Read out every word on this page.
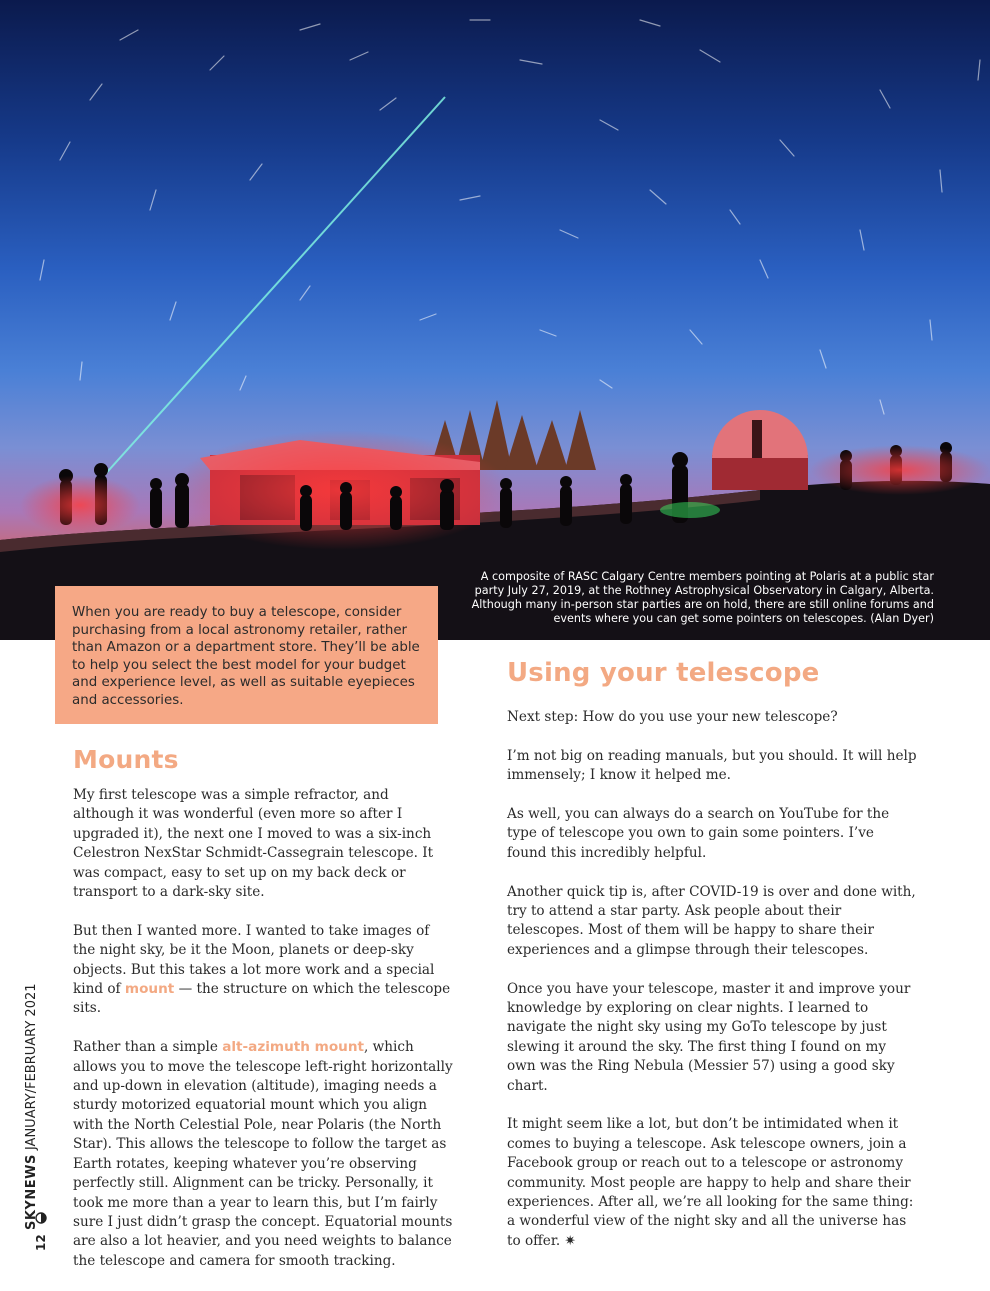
A composite of RASC Calgary Centre members pointing at Polaris at a public star party July 27, 2019, at the Rothney Astrophysical Observatory in Calgary, Alberta. Although many in-person star parties are on hold, there are still online forums and events where you can get some pointers on telescopes. (Alan Dyer)
When you are ready to buy a telescope, consider purchasing from a local astronomy retailer, rather than Amazon or a department store. They’ll be able to help you select the best model for your budget and experience level, as well as suitable eyepieces and accessories.
Mounts

My first telescope was a simple refractor, and although it was wonderful (even more so after I upgraded it), the next one I moved to was a six-inch Celestron NexStar Schmidt-Cassegrain telescope. It was compact, easy to set up on my back deck or transport to a dark-sky site.

But then I wanted more. I wanted to take images of the night sky, be it the Moon, planets or deep-sky objects. But this takes a lot more work and a special kind of mount — the structure on which the telescope sits.

Rather than a simple alt-azimuth mount, which allows you to move the telescope left-right horizontally and up-down in elevation (altitude), imaging needs a sturdy motorized equatorial mount which you align with the North Celestial Pole, near Polaris (the North Star). This allows the telescope to follow the target as Earth rotates, keeping whatever you’re observing perfectly still. Alignment can be tricky. Personally, it took me more than a year to learn this, but I’m fairly sure I just didn’t grasp the concept. Equatorial mounts are also a lot heavier, and you need weights to balance the telescope and camera for smooth tracking.

Using your telescope

Next step: How do you use your new telescope?

I’m not big on reading manuals, but you should. It will help immensely; I know it helped me.

As well, you can always do a search on YouTube for the type of telescope you own to gain some pointers. I’ve found this incredibly helpful.

Another quick tip is, after COVID-19 is over and done with, try to attend a star party. Ask people about their telescopes. Most of them will be happy to share their experiences and a glimpse through their telescopes.

Once you have your telescope, master it and improve your knowledge by exploring on clear nights. I learned to navigate the night sky using my GoTo telescope by just slewing it around the sky. The first thing I found on my own was the Ring Nebula (Messier 57) using a good sky chart.

It might seem like a lot, but don’t be intimidated when it comes to buying a telescope. Ask telescope owners, join a Facebook group or reach out to a telescope or astronomy community. Most people are happy to help and share their experiences. After all, we’re all looking for the same thing: a wonderful view of the night sky and all the universe has to offer. ✷

SKYNEWS JANUARY/FEBRUARY 2021
12
